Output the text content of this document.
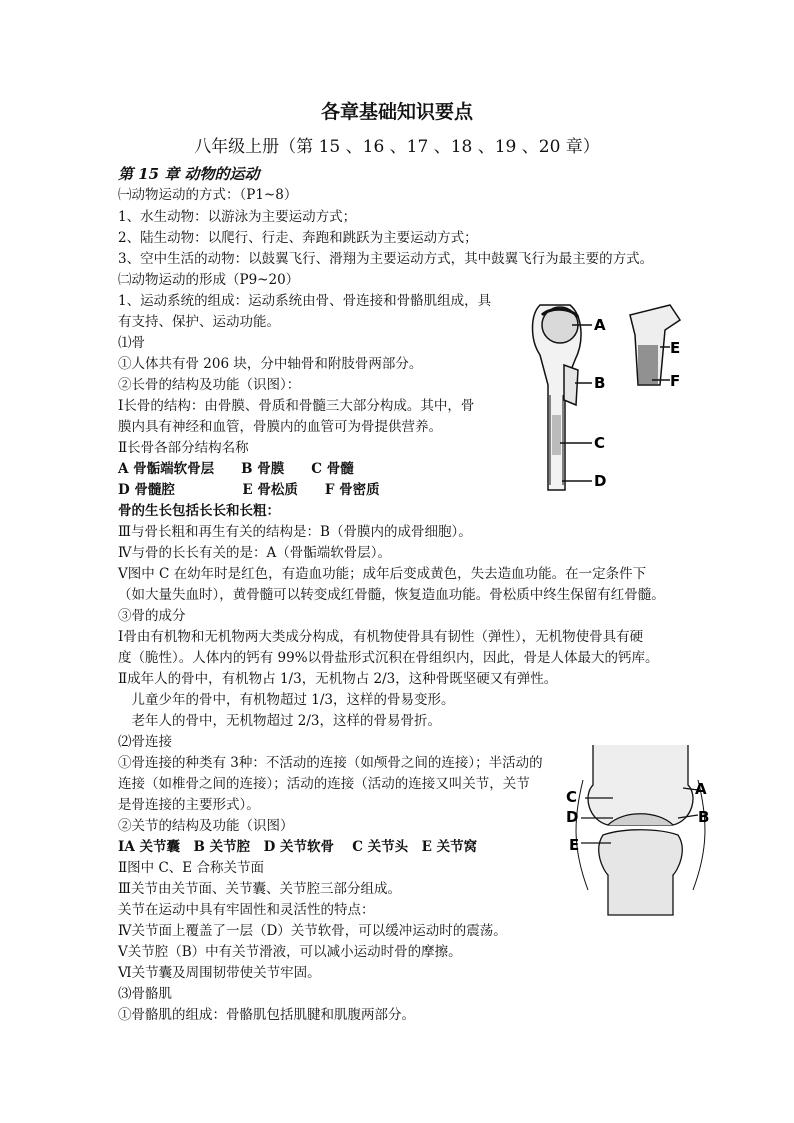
各章基础知识要点
八年级上册（第 15 、16 、17 、18 、19 、20 章）
第 15 章 动物的运动
㈠动物运动的方式：（P1~8）
1、水生动物：以游泳为主要运动方式；
2、陆生动物：以爬行、行走、奔跑和跳跃为主要运动方式；
3、空中生活的动物：以鼓翼飞行、滑翔为主要运动方式，其中鼓翼飞行为最主要的方式。
㈡动物运动的形成（P9~20）
1、运动系统的组成：运动系统由骨、骨连接和骨骼肌组成，具
有支持、保护、运动功能。
⑴骨
①人体共有骨 206 块，分中轴骨和附肢骨两部分。
②长骨的结构及功能（识图）：
Ⅰ长骨的结构：由骨膜、骨质和骨髓三大部分构成。其中，骨
膜内具有神经和血管，骨膜内的血管可为骨提供营养。
Ⅱ长骨各部分结构名称
A 骨骺端软骨层　　B 骨膜　　C 骨髓
D 骨髓腔　　　　　E 骨松质　　F 骨密质
骨的生长包括长长和长粗：
Ⅲ与骨长粗和再生有关的结构是：B（骨膜内的成骨细胞）。
Ⅳ与骨的长长有关的是：A（骨骺端软骨层）。
Ⅴ图中 C 在幼年时是红色，有造血功能；成年后变成黄色，失去造血功能。在一定条件下
（如大量失血时），黄骨髓可以转变成红骨髓，恢复造血功能。骨松质中终生保留有红骨髓。
③骨的成分
Ⅰ骨由有机物和无机物两大类成分构成，有机物使骨具有韧性（弹性），无机物使骨具有硬
度（脆性）。人体内的钙有 99%以骨盐形式沉积在骨组织内，因此，骨是人体最大的钙库。
Ⅱ成年人的骨中，有机物占 1/3，无机物占 2/3，这种骨既坚硬又有弹性。
　儿童少年的骨中，有机物超过 1/3，这样的骨易变形。
　老年人的骨中，无机物超过 2/3，这样的骨易骨折。
⑵骨连接
①骨连接的种类有 3种：不活动的连接（如颅骨之间的连接）；半活动的
连接（如椎骨之间的连接）；活动的连接（活动的连接又叫关节，关节
是骨连接的主要形式）。
②关节的结构及功能（识图）
ⅠA 关节囊　B 关节腔　D 关节软骨　 C 关节头　E 关节窝
Ⅱ图中 C、E 合称关节面
Ⅲ关节由关节面、关节囊、关节腔三部分组成。
关节在运动中具有牢固性和灵活性的特点：
Ⅳ关节面上覆盖了一层（D）关节软骨，可以缓冲运动时的震荡。
Ⅴ关节腔（B）中有关节滑液，可以减小运动时骨的摩擦。
Ⅵ关节囊及周围韧带使关节牢固。
⑶骨骼肌
①骨骼肌的组成：骨骼肌包括肌腱和肌腹两部分。
A
B
C
D
E
F
C
D
E
A
B
